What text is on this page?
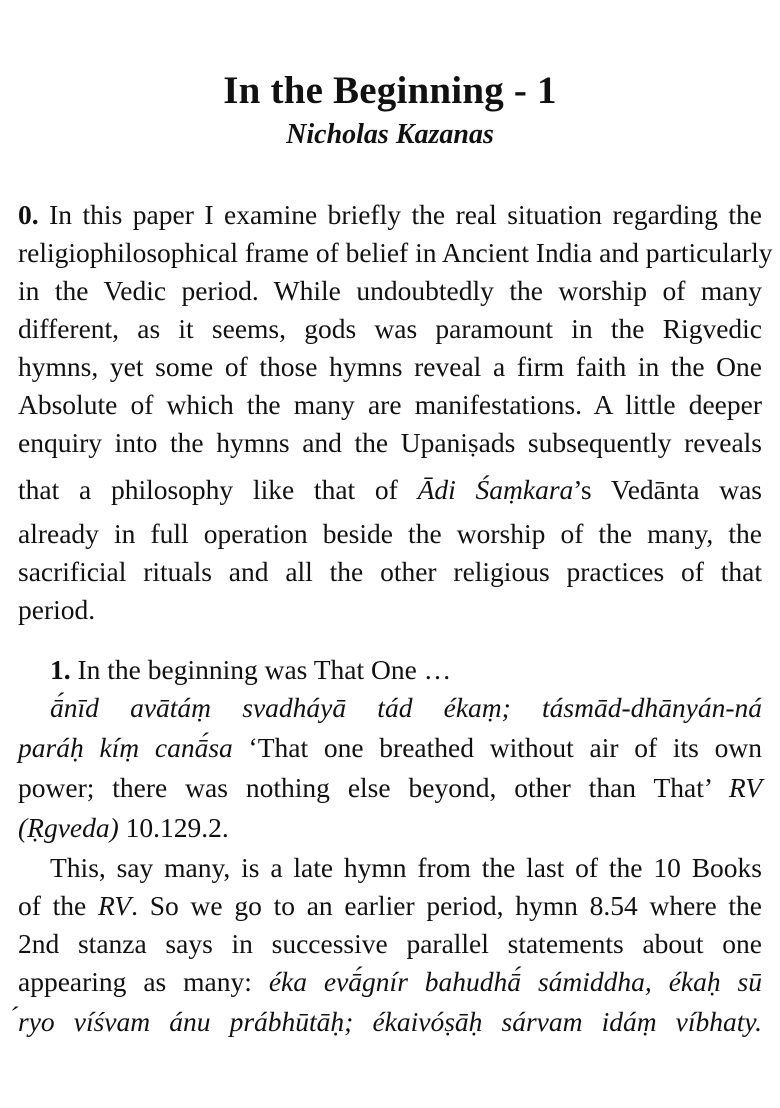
In the Beginning - 1
Nicholas Kazanas
0. In this paper I examine briefly the real situation regarding the
religiophilosophical frame of belief in Ancient India and particularly
in the Vedic period. While undoubtedly the worship of many
different, as it seems, gods was paramount in the Rigvedic
hymns, yet some of those hymns reveal a firm faith in the One
Absolute of which the many are manifestations. A little deeper
enquiry into the hymns and the Upaniṣads subsequently reveals
that a philosophy like that of Ādi Śaṃkara’s Vedānta was
already in full operation beside the worship of the many, the
sacrificial rituals and all the other religious practices of that
period.
1. In the beginning was That One …
ā́nīd avātáṃ svadháyā tád ékaṃ; tásmād-dhānyán-ná
paráḥ kíṃ canā́sa ‘That one breathed without air of its own
power; there was nothing else beyond, other than That’ RV
(Ṛgveda) 10.129.2.
This, say many, is a late hymn from the last of the 10 Books
of the RV. So we go to an earlier period, hymn 8.54 where the
2nd stanza says in successive parallel statements about one
appearing as many: éka evā́gnír bahudhā́ sámiddha, ékaḥ sū
́ryo víśvam ánu prábhūtāḥ; ékaivóṣāḥ sárvam idáṃ víbhaty.
